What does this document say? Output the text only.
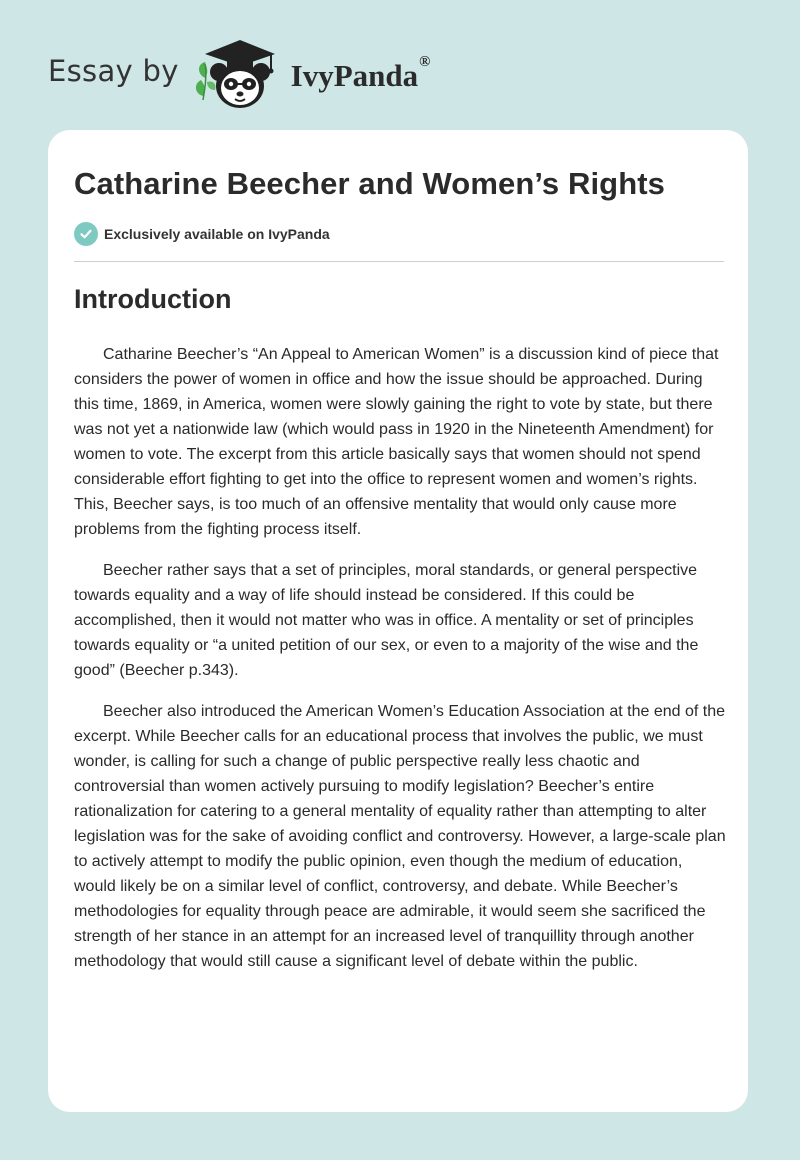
Essay by	IvyPanda®
Catharine Beecher and Women’s Rights
Exclusively available on IvyPanda
Introduction

Catharine Beecher’s “An Appeal to American Women” is a discussion kind of piece that considers the power of women in office and how the issue should be approached. During this time, 1869, in America, women were slowly gaining the right to vote by state, but there was not yet a nationwide law (which would pass in 1920 in the Nineteenth Amendment) for women to vote. The excerpt from this article basically says that women should not spend considerable effort fighting to get into the office to represent women and women’s rights. This, Beecher says, is too much of an offensive mentality that would only cause more problems from the fighting process itself.

Beecher rather says that a set of principles, moral standards, or general perspective towards equality and a way of life should instead be considered. If this could be accomplished, then it would not matter who was in office. A mentality or set of principles towards equality or “a united petition of our sex, or even to a majority of the wise and the good” (Beecher p.343).

Beecher also introduced the American Women’s Education Association at the end of the excerpt. While Beecher calls for an educational process that involves the public, we must wonder, is calling for such a change of public perspective really less chaotic and controversial than women actively pursuing to modify legislation? Beecher’s entire rationalization for catering to a general mentality of equality rather than attempting to alter legislation was for the sake of avoiding conflict and controversy. However, a large-scale plan to actively attempt to modify the public opinion, even though the medium of education, would likely be on a similar level of conflict, controversy, and debate. While Beecher’s methodologies for equality through peace are admirable, it would seem she sacrificed the strength of her stance in an attempt for an increased level of tranquillity through another methodology that would still cause a significant level of debate within the public.
